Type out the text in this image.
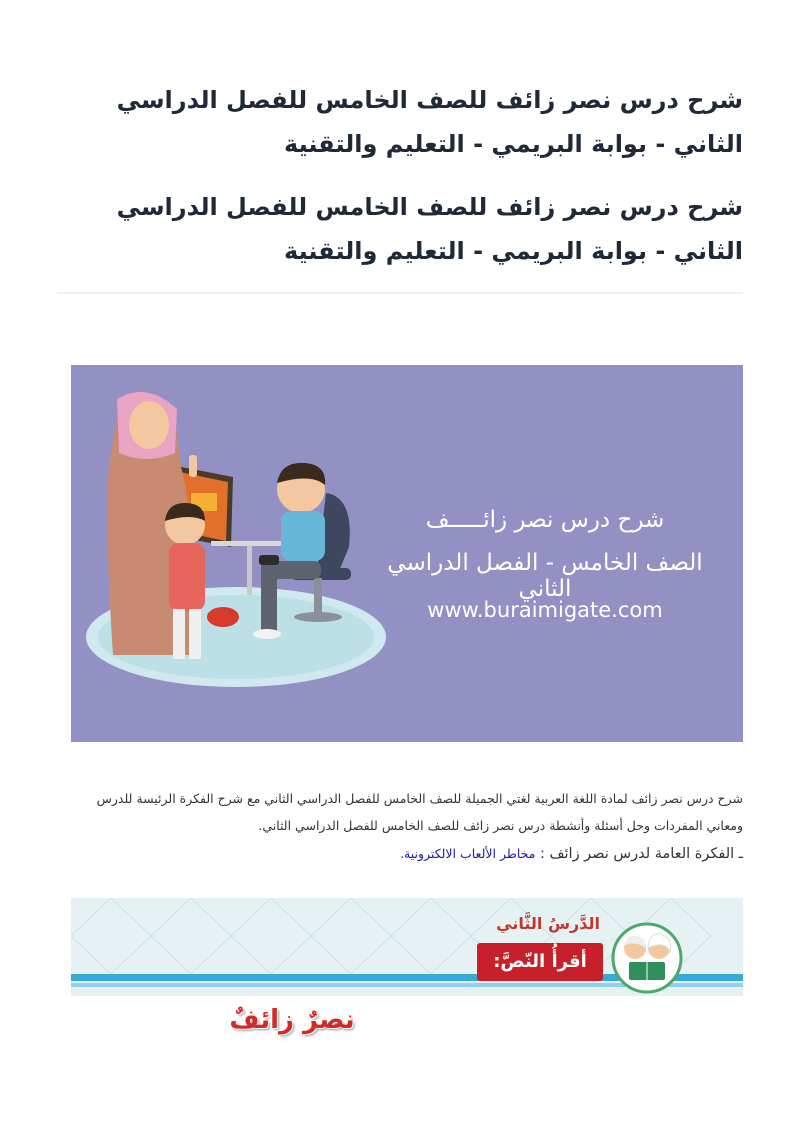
شرح درس نصر زائف للصف الخامس للفصل الدراسي الثاني - بوابة البريمي - التعليم والتقنية
شرح درس نصر زائف للصف الخامس للفصل الدراسي الثاني - بوابة البريمي - التعليم والتقنية
شرح درس نصر زائـــــف
الصف الخامس - الفصل الدراسي الثاني
www.buraimigate.com

شرح درس نصر زائف لمادة اللغة العربية لغتي الجميلة للصف الخامس للفصل الدراسي الثاني مع شرح الفكرة الرئيسة للدرس ومعاني المفردات وحل أسئلة وأنشطة درس نصر زائف للصف الخامس للفصل الدراسي الثاني.

ـ الفكرة العامة لدرس نصر زائف : مخاطر الألعاب الالكترونية.
الدَّرسُ الثَّاني
أقرأُ النّصَّ:
نصرٌ زائفٌ
